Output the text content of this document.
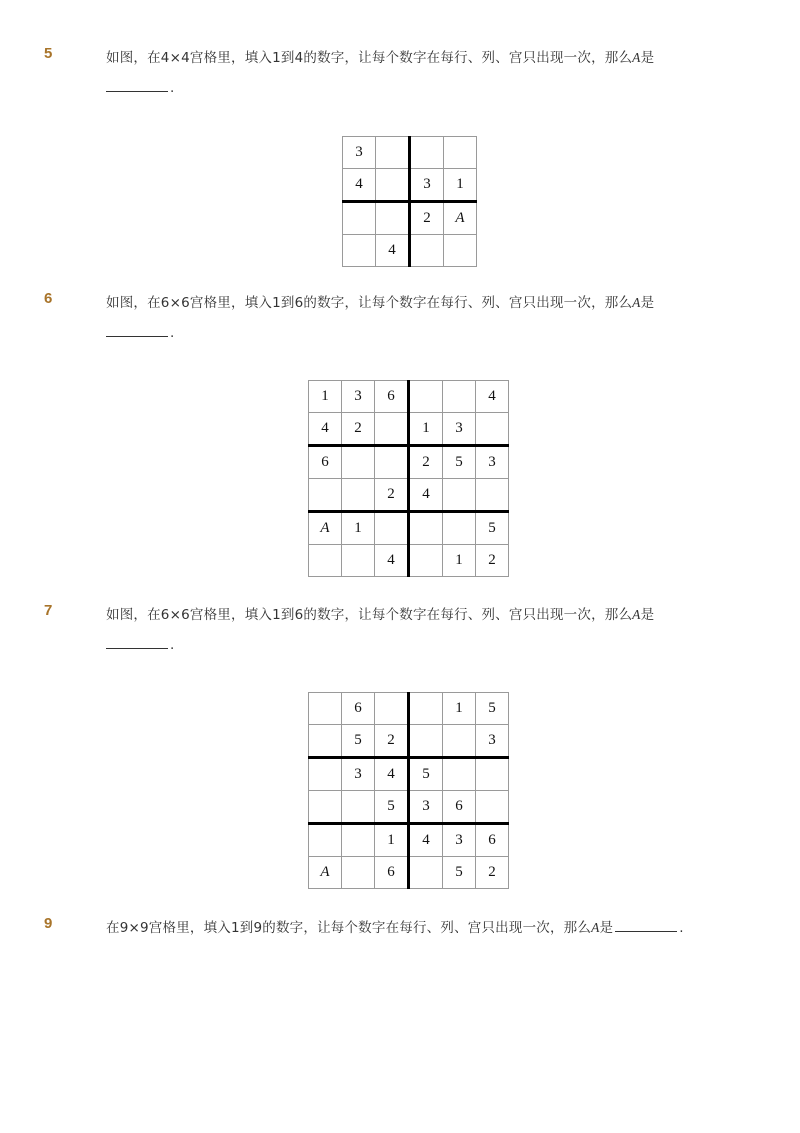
5	如图，在4×4宫格里，填入1到4的数字，让每个数字在每行、列、宫只出现一次，那么A是
.
3			
4		3	1
		2	A
	4		
6	如图，在6×6宫格里，填入1到6的数字，让每个数字在每行、列、宫只出现一次，那么A是
.
1	3	6			4
4	2		1	3	
6			2	5	3
		2	4		
A	1				5
		4		1	2
7	如图，在6×6宫格里，填入1到6的数字，让每个数字在每行、列、宫只出现一次，那么A是
.
	6			1	5
	5	2			3
	3	4	5		
		5	3	6	
		1	4	3	6
A		6		5	2
9	在9×9宫格里，填入1到9的数字，让每个数字在每行、列、宫只出现一次，那么A是	.
